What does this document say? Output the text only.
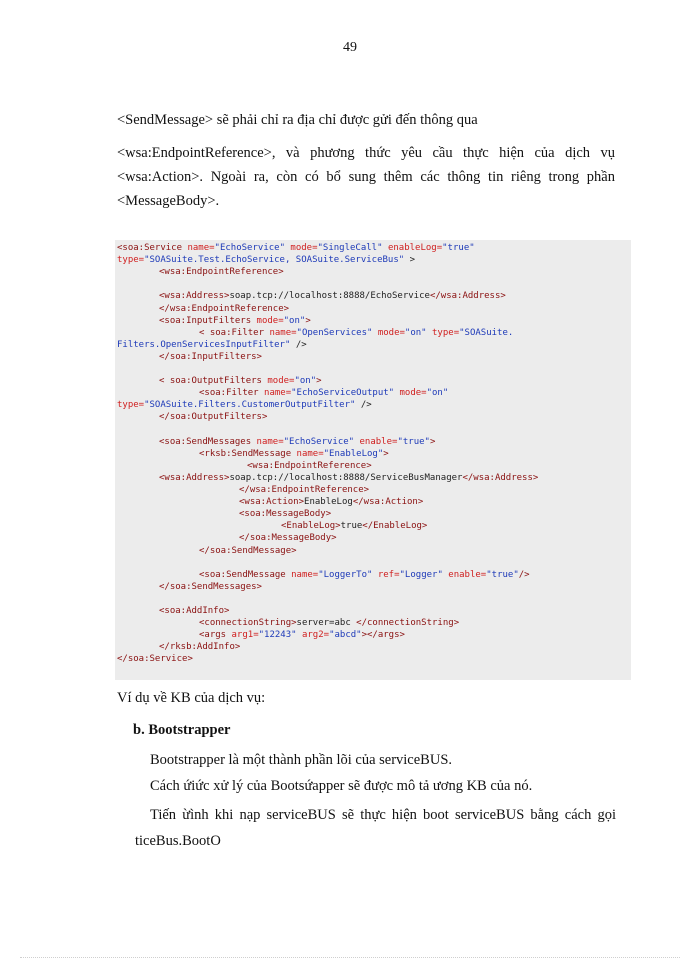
49
<SendMessage> sẽ phải chỉ ra địa chỉ được gửi đến thông qua
<wsa:EndpointReference>, và phương thức yêu cầu thực hiện của dịch vụ
<wsa:Action>. Ngoài ra, còn có bổ sung thêm các thông tin riêng trong phần
<MessageBody>.
<soa:Service name="EchoService" mode="SingleCall" enableLog="true"
type="SOASuite.Test.EchoService, SOASuite.ServiceBus" >
<wsa:EndpointReference>
<wsa:Address>soap.tcp://localhost:8888/EchoService</wsa:Address>
</wsa:EndpointReference>
<soa:InputFilters mode="on">
< soa:Filter name="OpenServices" mode="on" type="SOASuite.
Filters.OpenServicesInputFilter" />
</soa:InputFilters>
< soa:OutputFilters mode="on">
<soa:Filter name="EchoServiceOutput" mode="on"
type="SOASuite.Filters.CustomerOutputFilter" />
</soa:OutputFilters>
<soa:SendMessages name="EchoService" enable="true">
<rksb:SendMessage name="EnableLog">
<wsa:EndpointReference>
<wsa:Address>soap.tcp://localhost:8888/ServiceBusManager</wsa:Address>
</wsa:EndpointReference>
<wsa:Action>EnableLog</wsa:Action>
<soa:MessageBody>
<EnableLog>true</EnableLog>
</soa:MessageBody>
</soa:SendMessage>
<soa:SendMessage name="LoggerTo" ref="Logger" enable="true"/>
</soa:SendMessages>
<soa:AddInfo>
<connectionString>server=abc </connectionString>
<args arg1="12243" arg2="abcd"></args>
</rksb:AddInfo>
</soa:Service>
Ví dụ về KB của dịch vụ:
b. Bootstrapper
Bootstrapper là một thành phần lõi của serviceBUS.
Cách ứiức xử lý của Bootsứapper sẽ được mô tả ương KB của nó.
Tiến ừình khi nạp serviceBUS sẽ thực hiện boot serviceBUS bằng cách gọi
ticeBus.BootO
